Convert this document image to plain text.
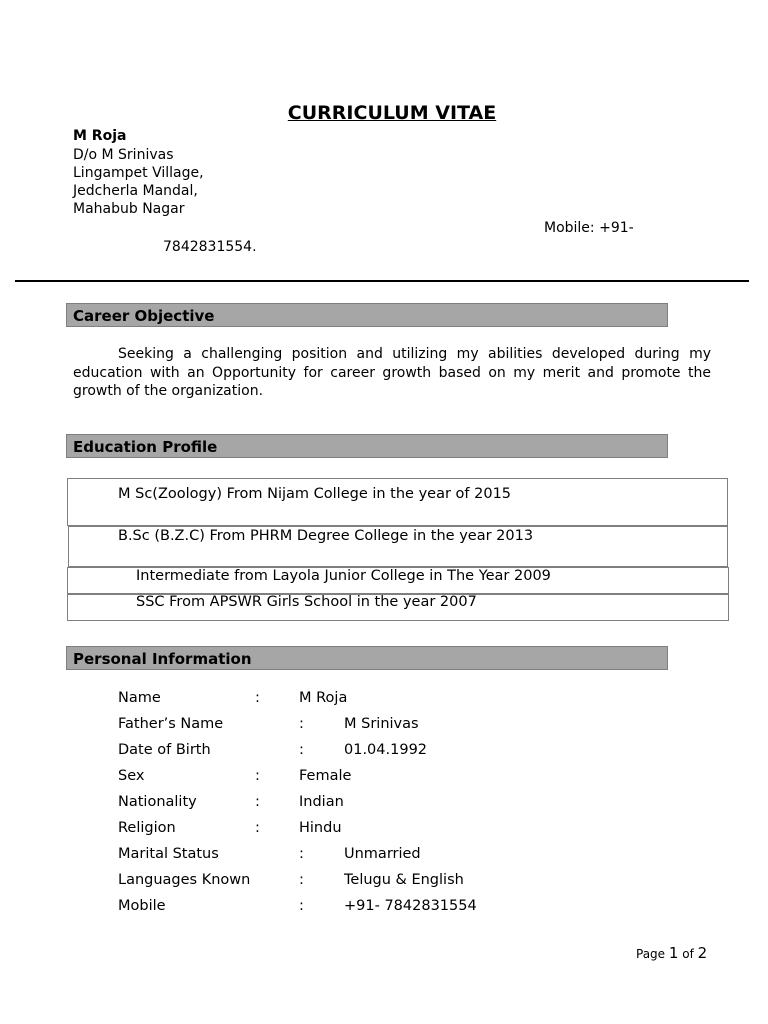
CURRICULUM VITAE
M Roja
D/o M Srinivas
Lingampet Village,
Jedcherla Mandal,
Mahabub Nagar
Mobile: +91-
7842831554.
Career Objective
Seeking a challenging position and utilizing my abilities developed during my education with an Opportunity for career growth based on my merit and promote the growth of the organization.
Education Profile
M Sc(Zoology) From Nijam College in the year of 2015
B.Sc (B.Z.C) From PHRM Degree College in the year 2013
Intermediate from Layola Junior College in The Year 2009
SSC From APSWR Girls School in the year 2007
Personal Information
Name	:	M Roja
Father’s Name	:	M Srinivas
Date of Birth	:	01.04.1992
Sex	:	Female
Nationality	:	Indian
Religion	:	Hindu
Marital Status	:	Unmarried
Languages Known	:	Telugu & English
Mobile	:	+91- 7842831554
Page 1 of 2
